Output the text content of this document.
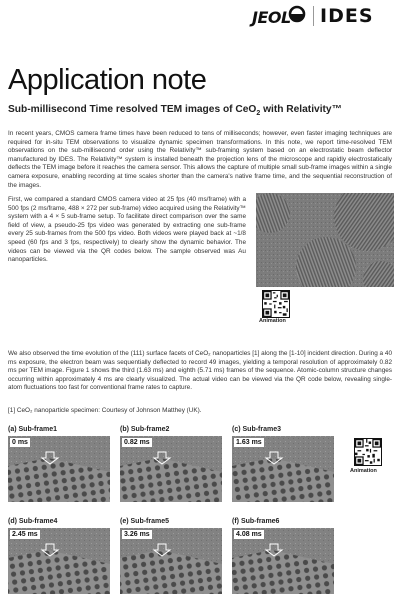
JEOL IDES
Application note
Sub-millisecond Time resolved TEM images of CeO$_2$ with Relativity™
In recent years, CMOS camera frame times have been reduced to tens of milliseconds; however, even faster imaging techniques are required for in-situ TEM observations to visualize dynamic specimen transformations. In this note, we report time-resolved TEM observations on the sub-millisecond order using the Relativity™ sub-framing system based on an electrostatic beam deflector manufactured by IDES. The Relativity™ system is installed beneath the projection lens of the microscope and rapidly electrostatically deflects the TEM image before it reaches the camera sensor. This allows the capture of multiple small sub-frame images within a single camera exposure, enabling recording at time scales shorter than the camera's native frame time, and the sequential reconstruction of the images.
First, we compared a standard CMOS camera video at 25 fps (40 ms/frame) with a 500 fps (2 ms/frame, 488 × 272 per sub-frame) video acquired using the Relativity™ system with a 4 × 5 sub-frame setup. To facilitate direct comparison over the same field of view, a pseudo-25 fps video was generated by extracting one sub-frame every 25 sub-frames from the 500 fps video. Both videos were played back at ~1/8 speed (60 fps and 3 fps, respectively) to clearly show the dynamic behavior. The videos can be viewed via the QR codes below. The sample observed was Au nanoparticles.
Animation
We also observed the time evolution of the (111) surface facets of CeO₂ nanoparticles [1] along the [1-10] incident direction. During a 40 ms exposure, the electron beam was sequentially deflected to record 49 images, yielding a temporal resolution of approximately 0.82 ms per TEM image. Figure 1 shows the third (1.63 ms) and eighth (5.71 ms) frames of the sequence. Atomic-column structure changes occurring within approximately 4 ms are clearly visualized. The actual video can be viewed via the QR code below, revealing single-atom fluctuations too fast for conventional frame rates to capture.
[1] CeO₂ nanoparticle specimen: Courtesy of Johnson Matthey (UK).
Animation
(a) Sub-frame1
0 ms
(b) Sub-frame2
0.82 ms
(c) Sub-frame3
1.63 ms
(d) Sub-frame4
2.45 ms
(e) Sub-frame5
3.26 ms
(f) Sub-frame6
4.08 ms
